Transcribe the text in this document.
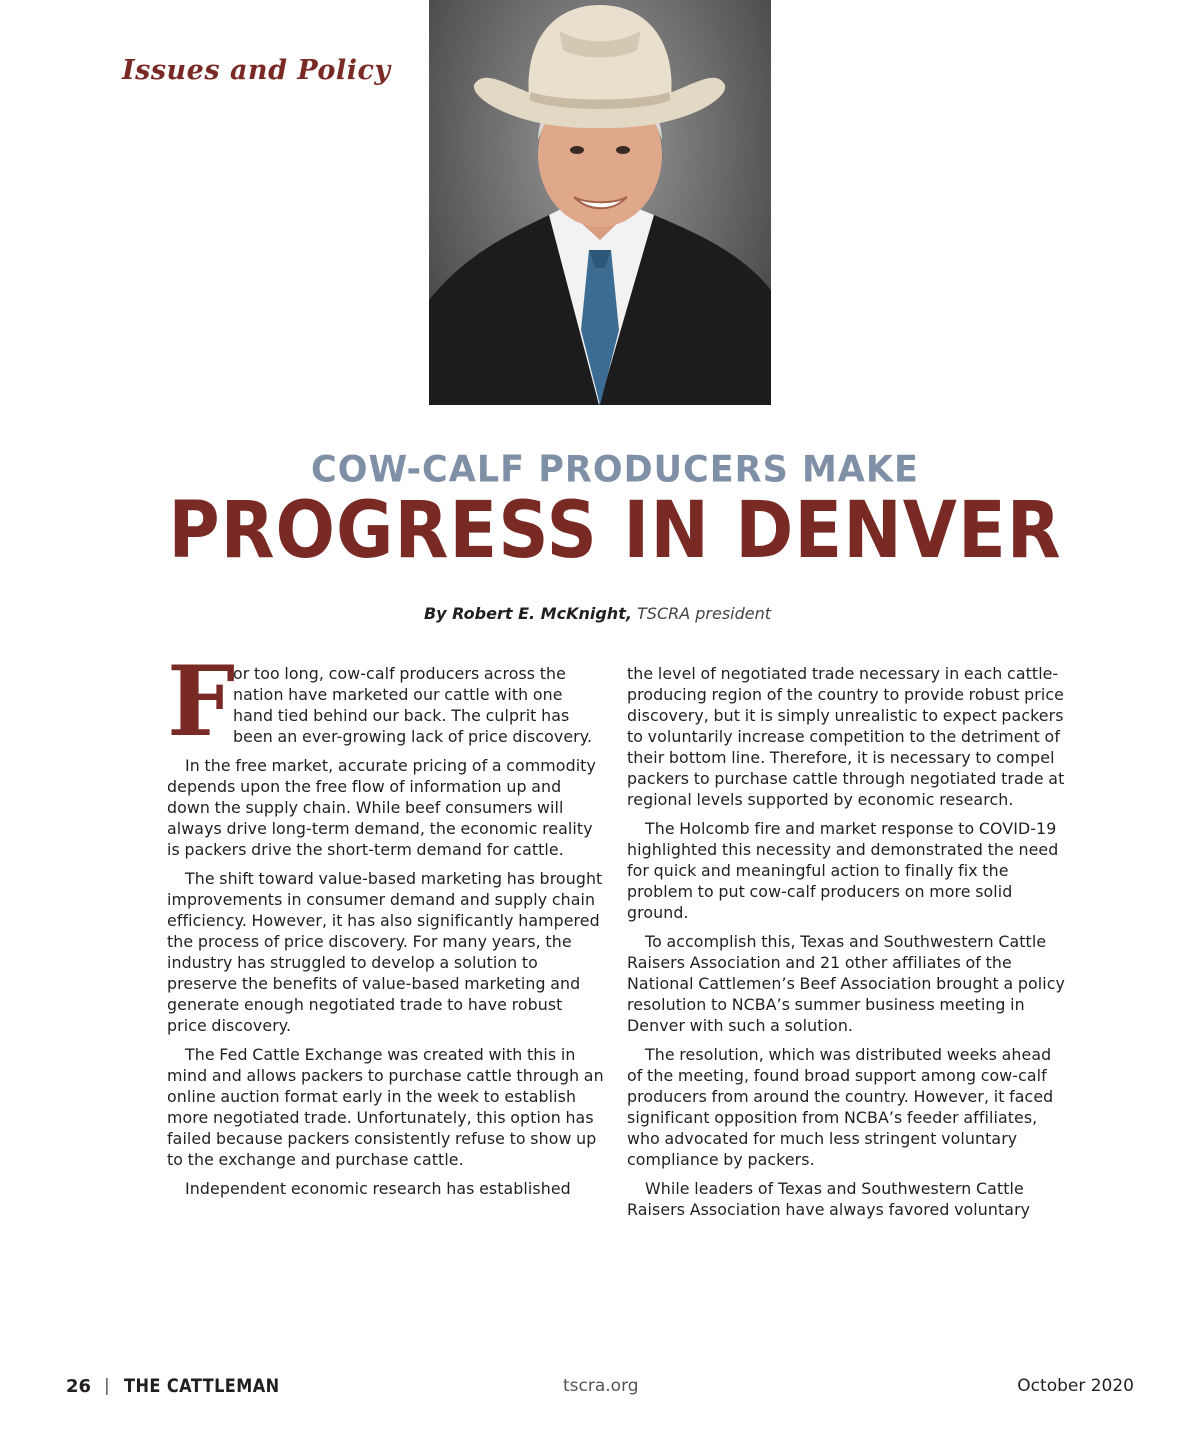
Issues and Policy
COW-CALF PRODUCERS MAKE
PROGRESS IN DENVER
By Robert E. McKnight, TSCRA president

F
or too long, cow-calf producers across the nation have marketed our cattle with one hand tied behind our back. The culprit has been an ever-growing lack of price discovery.

In the free market, accurate pricing of a commodity depends upon the free flow of information up and down the supply chain. While beef consumers will always drive long-term demand, the economic reality is packers drive the short-term demand for cattle.

The shift toward value-based marketing has brought improvements in consumer demand and supply chain efficiency. However, it has also significantly hampered the process of price discovery. For many years, the industry has struggled to develop a solution to preserve the benefits of value-based marketing and generate enough negotiated trade to have robust price discovery.

The Fed Cattle Exchange was created with this in mind and allows packers to purchase cattle through an online auction format early in the week to establish more negotiated trade. Unfortunately, this option has failed because packers consistently refuse to show up to the exchange and purchase cattle.

Independent economic research has established

the level of negotiated trade necessary in each cattle-producing region of the country to provide robust price discovery, but it is simply unrealistic to expect packers to voluntarily increase competition to the detriment of their bottom line. Therefore, it is necessary to compel packers to purchase cattle through negotiated trade at regional levels supported by economic research.

The Holcomb fire and market response to COVID-19 highlighted this necessity and demonstrated the need for quick and meaningful action to finally fix the problem to put cow-calf producers on more solid ground.

To accomplish this, Texas and Southwestern Cattle Raisers Association and 21 other affiliates of the National Cattlemen’s Beef Association brought a policy resolution to NCBA’s summer business meeting in Denver with such a solution.

The resolution, which was distributed weeks ahead of the meeting, found broad support among cow-calf producers from around the country. However, it faced significant opposition from NCBA’s feeder affiliates, who advocated for much less stringent voluntary compliance by packers.

While leaders of Texas and Southwestern Cattle Raisers Association have always favored voluntary

26 | THE CATTLEMAN	tscra.org	October 2020
